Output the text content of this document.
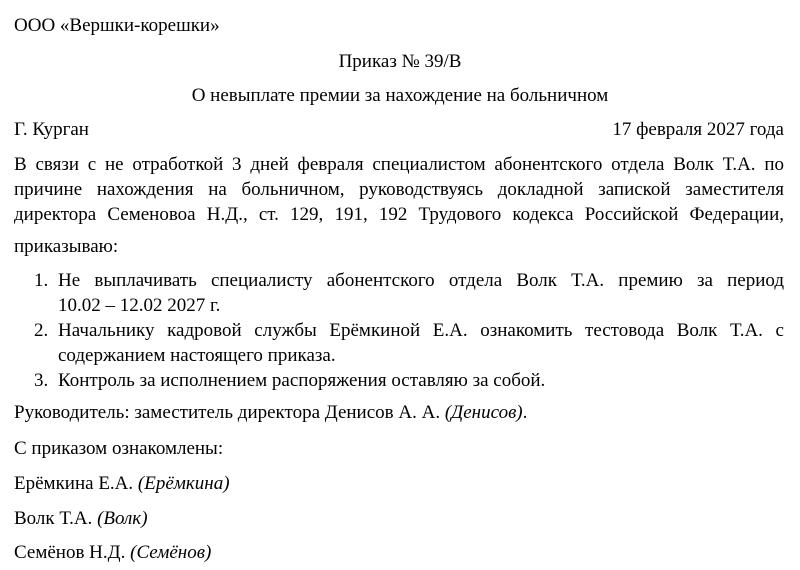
ООО «Вершки-корешки»
Приказ № 39/В
О невыплате премии за нахождение на больничном
Г. Курган	17 февраля 2027 года

В связи с не отработкой 3 дней февраля специалистом абонентского отдела Волк Т.А. по
причине нахождения на больничном, руководствуясь докладной запиской заместителя
директора Семеновоа Н.Д., ст. 129, 191, 192 Трудового кодекса Российской Федерации,

приказываю:
1. Не выплачивать специалисту абонентского отдела Волк Т.А. премию за период
10.02 – 12.02 2027 г.
2. Начальнику кадровой службы Ерёмкиной Е.А. ознакомить тестовода Волк Т.А. с
содержанием настоящего приказа.
3. Контроль за исполнением распоряжения оставляю за собой.
Руководитель: заместитель директора Денисов А. А. (Денисов).
С приказом ознакомлены:
Ерёмкина Е.А. (Ерёмкина)
Волк Т.А. (Волк)
Семёнов Н.Д. (Семёнов)
